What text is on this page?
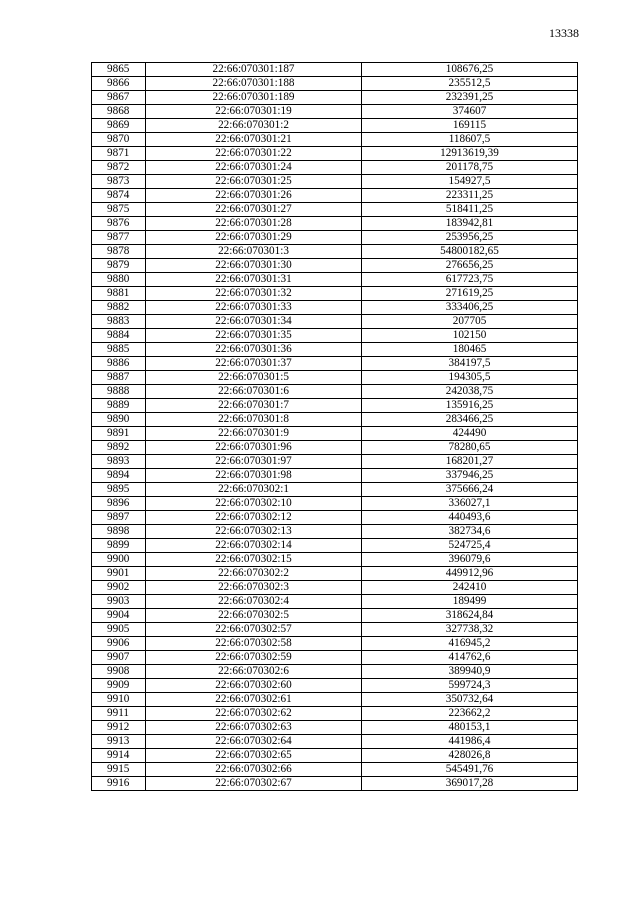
13338
9865	22:66:070301:187	108676,25
9866	22:66:070301:188	235512,5
9867	22:66:070301:189	232391,25
9868	22:66:070301:19	374607
9869	22:66:070301:2	169115
9870	22:66:070301:21	118607,5
9871	22:66:070301:22	12913619,39
9872	22:66:070301:24	201178,75
9873	22:66:070301:25	154927,5
9874	22:66:070301:26	223311,25
9875	22:66:070301:27	518411,25
9876	22:66:070301:28	183942,81
9877	22:66:070301:29	253956,25
9878	22:66:070301:3	54800182,65
9879	22:66:070301:30	276656,25
9880	22:66:070301:31	617723,75
9881	22:66:070301:32	271619,25
9882	22:66:070301:33	333406,25
9883	22:66:070301:34	207705
9884	22:66:070301:35	102150
9885	22:66:070301:36	180465
9886	22:66:070301:37	384197,5
9887	22:66:070301:5	194305,5
9888	22:66:070301:6	242038,75
9889	22:66:070301:7	135916,25
9890	22:66:070301:8	283466,25
9891	22:66:070301:9	424490
9892	22:66:070301:96	78280,65
9893	22:66:070301:97	168201,27
9894	22:66:070301:98	337946,25
9895	22:66:070302:1	375666,24
9896	22:66:070302:10	336027,1
9897	22:66:070302:12	440493,6
9898	22:66:070302:13	382734,6
9899	22:66:070302:14	524725,4
9900	22:66:070302:15	396079,6
9901	22:66:070302:2	449912,96
9902	22:66:070302:3	242410
9903	22:66:070302:4	189499
9904	22:66:070302:5	318624,84
9905	22:66:070302:57	327738,32
9906	22:66:070302:58	416945,2
9907	22:66:070302:59	414762,6
9908	22:66:070302:6	389940,9
9909	22:66:070302:60	599724,3
9910	22:66:070302:61	350732,64
9911	22:66:070302:62	223662,2
9912	22:66:070302:63	480153,1
9913	22:66:070302:64	441986,4
9914	22:66:070302:65	428026,8
9915	22:66:070302:66	545491,76
9916	22:66:070302:67	369017,28
